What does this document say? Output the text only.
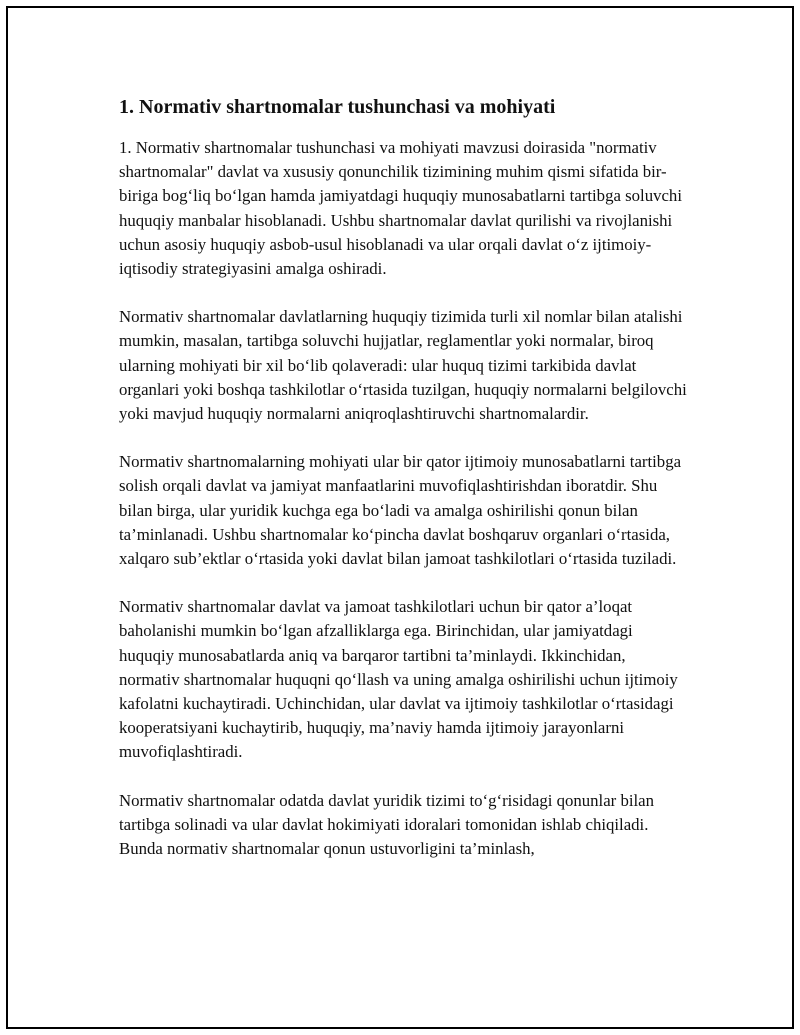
1. Normativ shartnomalar tushunchasi va mohiyati

1. Normativ shartnomalar tushunchasi va mohiyati mavzusi doirasida "normativ shartnomalar" davlat va xususiy qonunchilik tizimining muhim qismi sifatida bir-biriga bog‘liq bo‘lgan hamda jamiyatdagi huquqiy munosabatlarni tartibga soluvchi huquqiy manbalar hisoblanadi. Ushbu shartnomalar davlat qurilishi va rivojlanishi uchun asosiy huquqiy asbob-usul hisoblanadi va ular orqali davlat o‘z ijtimoiy-iqtisodiy strategiyasini amalga oshiradi.

Normativ shartnomalar davlatlarning huquqiy tizimida turli xil nomlar bilan atalishi mumkin, masalan, tartibga soluvchi hujjatlar, reglamentlar yoki normalar, biroq ularning mohiyati bir xil bo‘lib qolaveradi: ular huquq tizimi tarkibida davlat organlari yoki boshqa tashkilotlar o‘rtasida tuzilgan, huquqiy normalarni belgilovchi yoki mavjud huquqiy normalarni aniqroqlashtiruvchi shartnomalardir.

Normativ shartnomalarning mohiyati ular bir qator ijtimoiy munosabatlarni tartibga solish orqali davlat va jamiyat manfaatlarini muvofiqlashtirishdan iboratdir. Shu bilan birga, ular yuridik kuchga ega bo‘ladi va amalga oshirilishi qonun bilan ta’minlanadi. Ushbu shartnomalar ko‘pincha davlat boshqaruv organlari o‘rtasida, xalqaro sub’ektlar o‘rtasida yoki davlat bilan jamoat tashkilotlari o‘rtasida tuziladi.

Normativ shartnomalar davlat va jamoat tashkilotlari uchun bir qator a’loqat baholanishi mumkin bo‘lgan afzalliklarga ega. Birinchidan, ular jamiyatdagi huquqiy munosabatlarda aniq va barqaror tartibni ta’minlaydi. Ikkinchidan, normativ shartnomalar huquqni qo‘llash va uning amalga oshirilishi uchun ijtimoiy kafolatni kuchaytiradi. Uchinchidan, ular davlat va ijtimoiy tashkilotlar o‘rtasidagi kooperatsiyani kuchaytirib, huquqiy, ma’naviy hamda ijtimoiy jarayonlarni muvofiqlashtiradi.

Normativ shartnomalar odatda davlat yuridik tizimi to‘g‘risidagi qonunlar bilan tartibga solinadi va ular davlat hokimiyati idoralari tomonidan ishlab chiqiladi. Bunda normativ shartnomalar qonun ustuvorligini ta’minlash,
